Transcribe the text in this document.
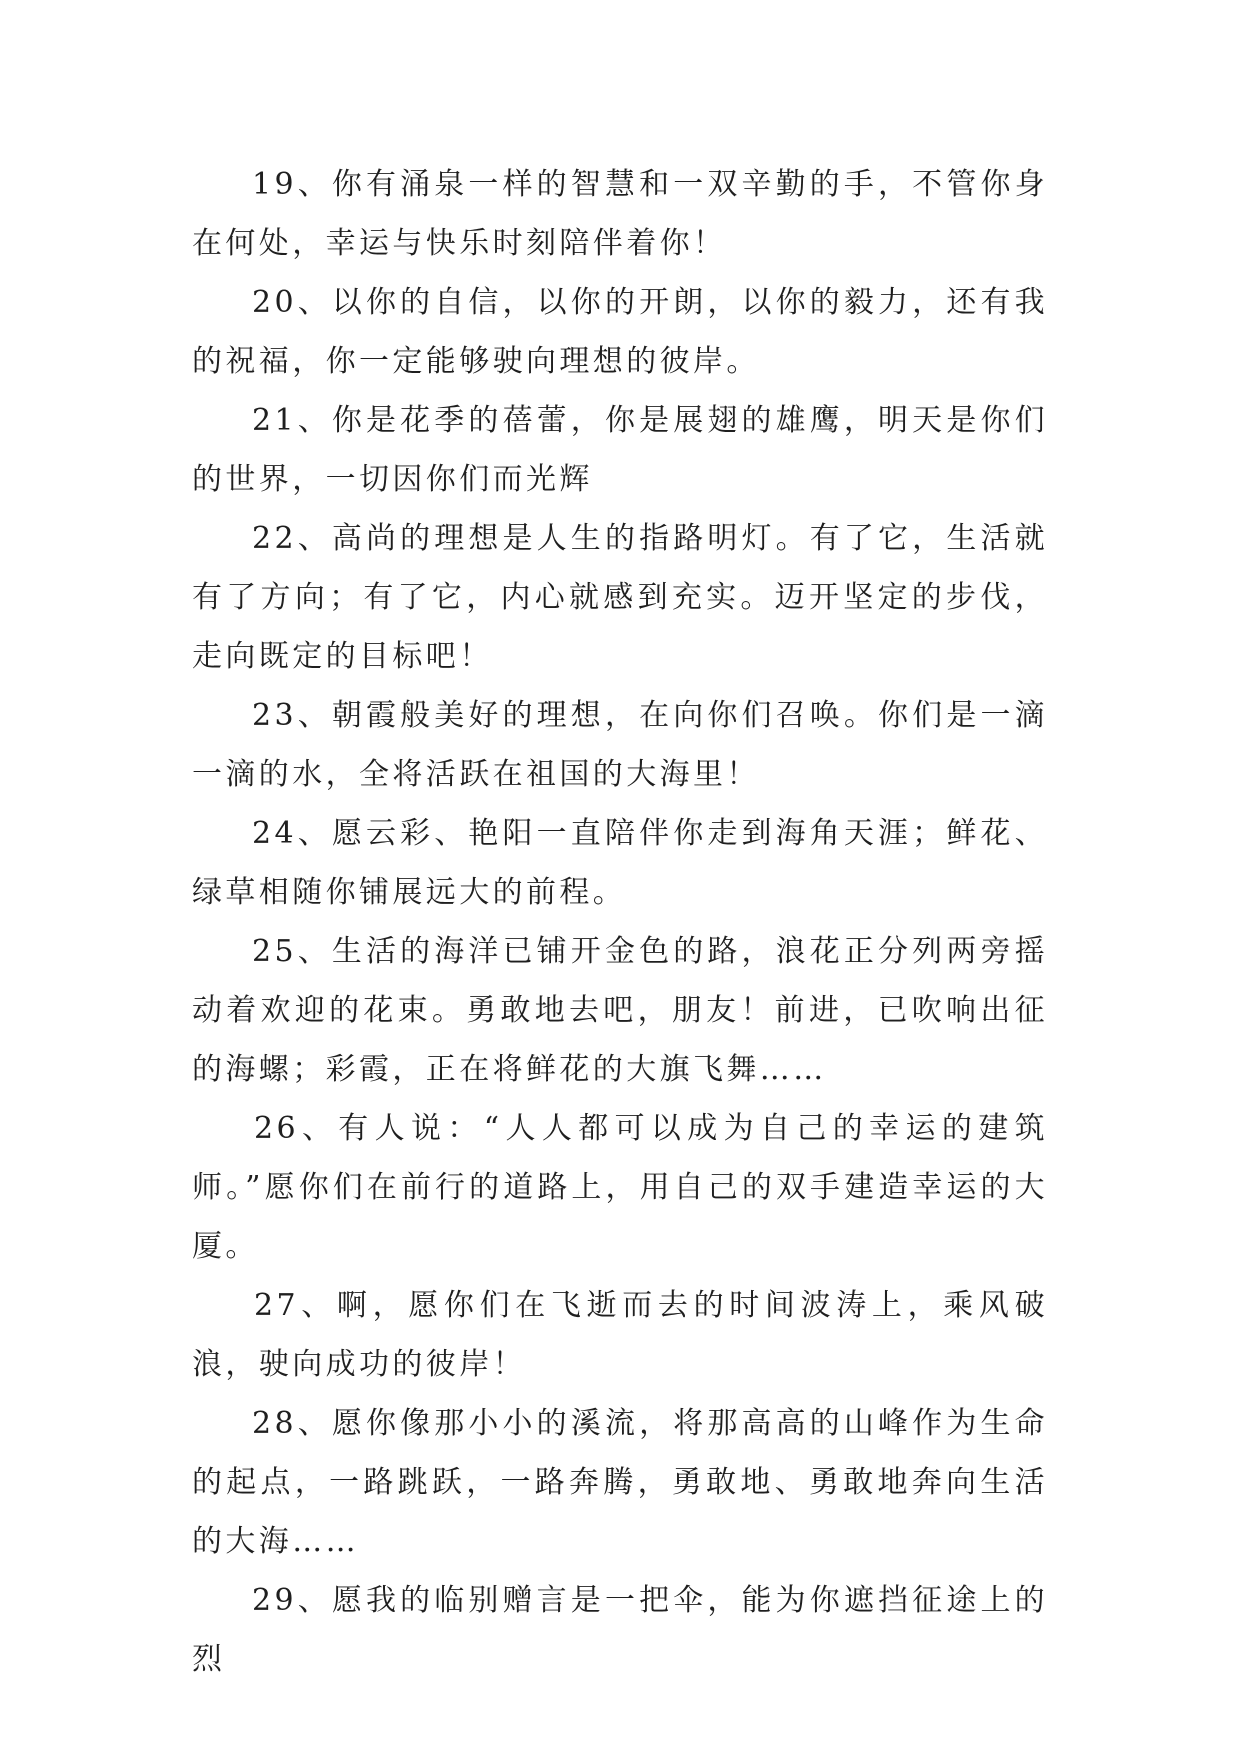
19、你有涌泉一样的智慧和一双辛勤的手，不管你身在何处，幸运与快乐时刻陪伴着你！

20、以你的自信，以你的开朗，以你的毅力，还有我的祝福，你一定能够驶向理想的彼岸。

21、你是花季的蓓蕾，你是展翅的雄鹰，明天是你们的世界，一切因你们而光辉

22、高尚的理想是人生的指路明灯。有了它，生活就有了方向；有了它，内心就感到充实。迈开坚定的步伐，走向既定的目标吧！

23、朝霞般美好的理想，在向你们召唤。你们是一滴一滴的水，全将活跃在祖国的大海里！

24、愿云彩、艳阳一直陪伴你走到海角天涯；鲜花、绿草相随你铺展远大的前程。

25、生活的海洋已铺开金色的路，浪花正分列两旁摇动着欢迎的花束。勇敢地去吧，朋友！前进，已吹响出征的海螺；彩霞，正在将鲜花的大旗飞舞……

26、有人说：“人人都可以成为自己的幸运的建筑师。”愿你们在前行的道路上，用自己的双手建造幸运的大厦。

27、啊，愿你们在飞逝而去的时间波涛上，乘风破浪，驶向成功的彼岸！

28、愿你像那小小的溪流，将那高高的山峰作为生命的起点，一路跳跃，一路奔腾，勇敢地、勇敢地奔向生活的大海……

29、愿我的临别赠言是一把伞，能为你遮挡征途上的烈
